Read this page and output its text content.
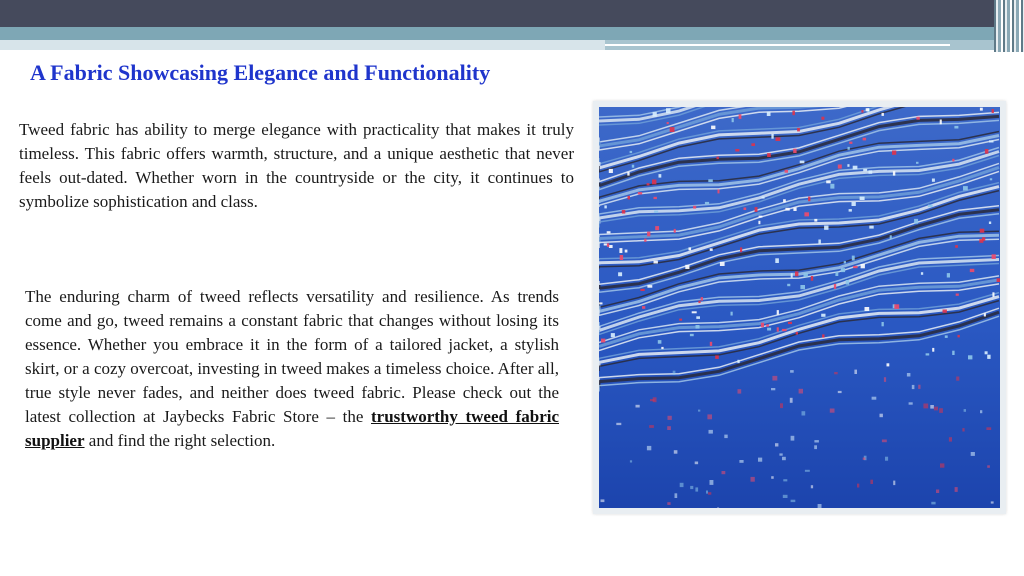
A Fabric Showcasing Elegance and Functionality

Tweed fabric has ability to merge elegance with practicality that makes it truly timeless. This fabric offers warmth, structure, and a unique aesthetic that never feels out-dated. Whether worn in the countryside or the city, it continues to symbolize sophistication and class.

The enduring charm of tweed reflects versatility and resilience. As trends come and go, tweed remains a constant fabric that changes without losing its essence. Whether you embrace it in the form of a tailored jacket, a stylish skirt, or a cozy overcoat, investing in tweed makes a timeless choice. After all, true style never fades, and neither does tweed fabric. Please check out the latest collection at Jaybecks Fabric Store – the trustworthy tweed fabric supplier and find the right selection.
